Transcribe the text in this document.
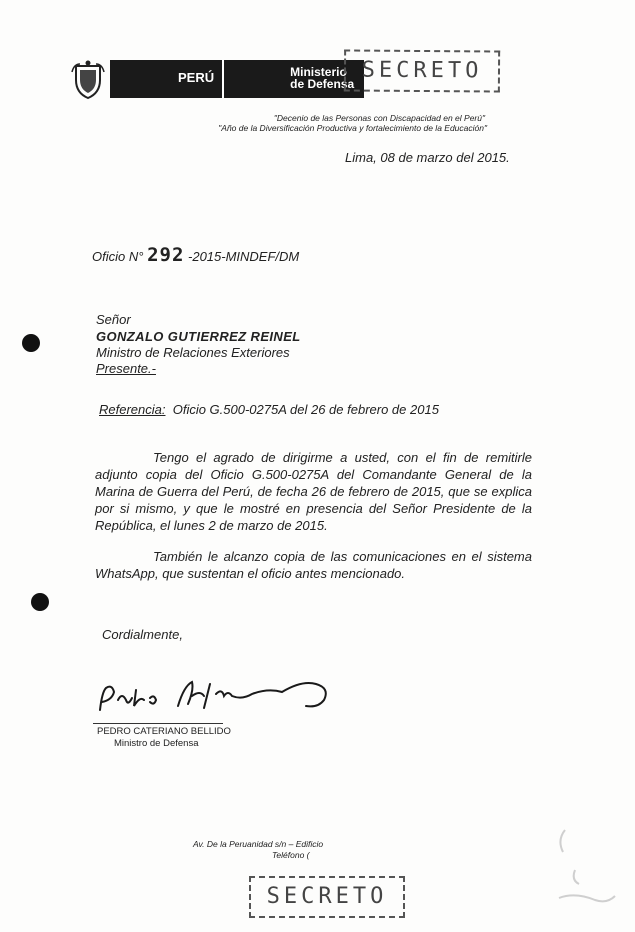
PERÚ	Ministerio
de Defensa
SECRETO
"Decenio de las Personas con Discapacidad en el Perú"
"Año de la Diversificación Productiva y fortalecimiento de la Educación"
Lima, 08 de marzo del 2015.
Oficio N° 292 -2015-MINDEF/DM
Señor
GONZALO GUTIERREZ REINEL
Ministro de Relaciones Exteriores
Presente.-
Referencia: Oficio G.500-0275A del 26 de febrero de 2015
Tengo el agrado de dirigirme a usted, con el fin de remitirle adjunto copia del Oficio G.500-0275A del Comandante General de la Marina de Guerra del Perú, de fecha 26 de febrero de 2015, que se explica por si mismo, y que le mostré en presencia del Señor Presidente de la República, el lunes 2 de marzo de 2015.
También le alcanzo copia de las comunicaciones en el sistema WhatsApp, que sustentan el oficio antes mencionado.
Cordialmente,
PEDRO CATERIANO BELLIDO
Ministro de Defensa
Av. De la Peruanidad s/n – Edificio
Teléfono (
SECRETO
